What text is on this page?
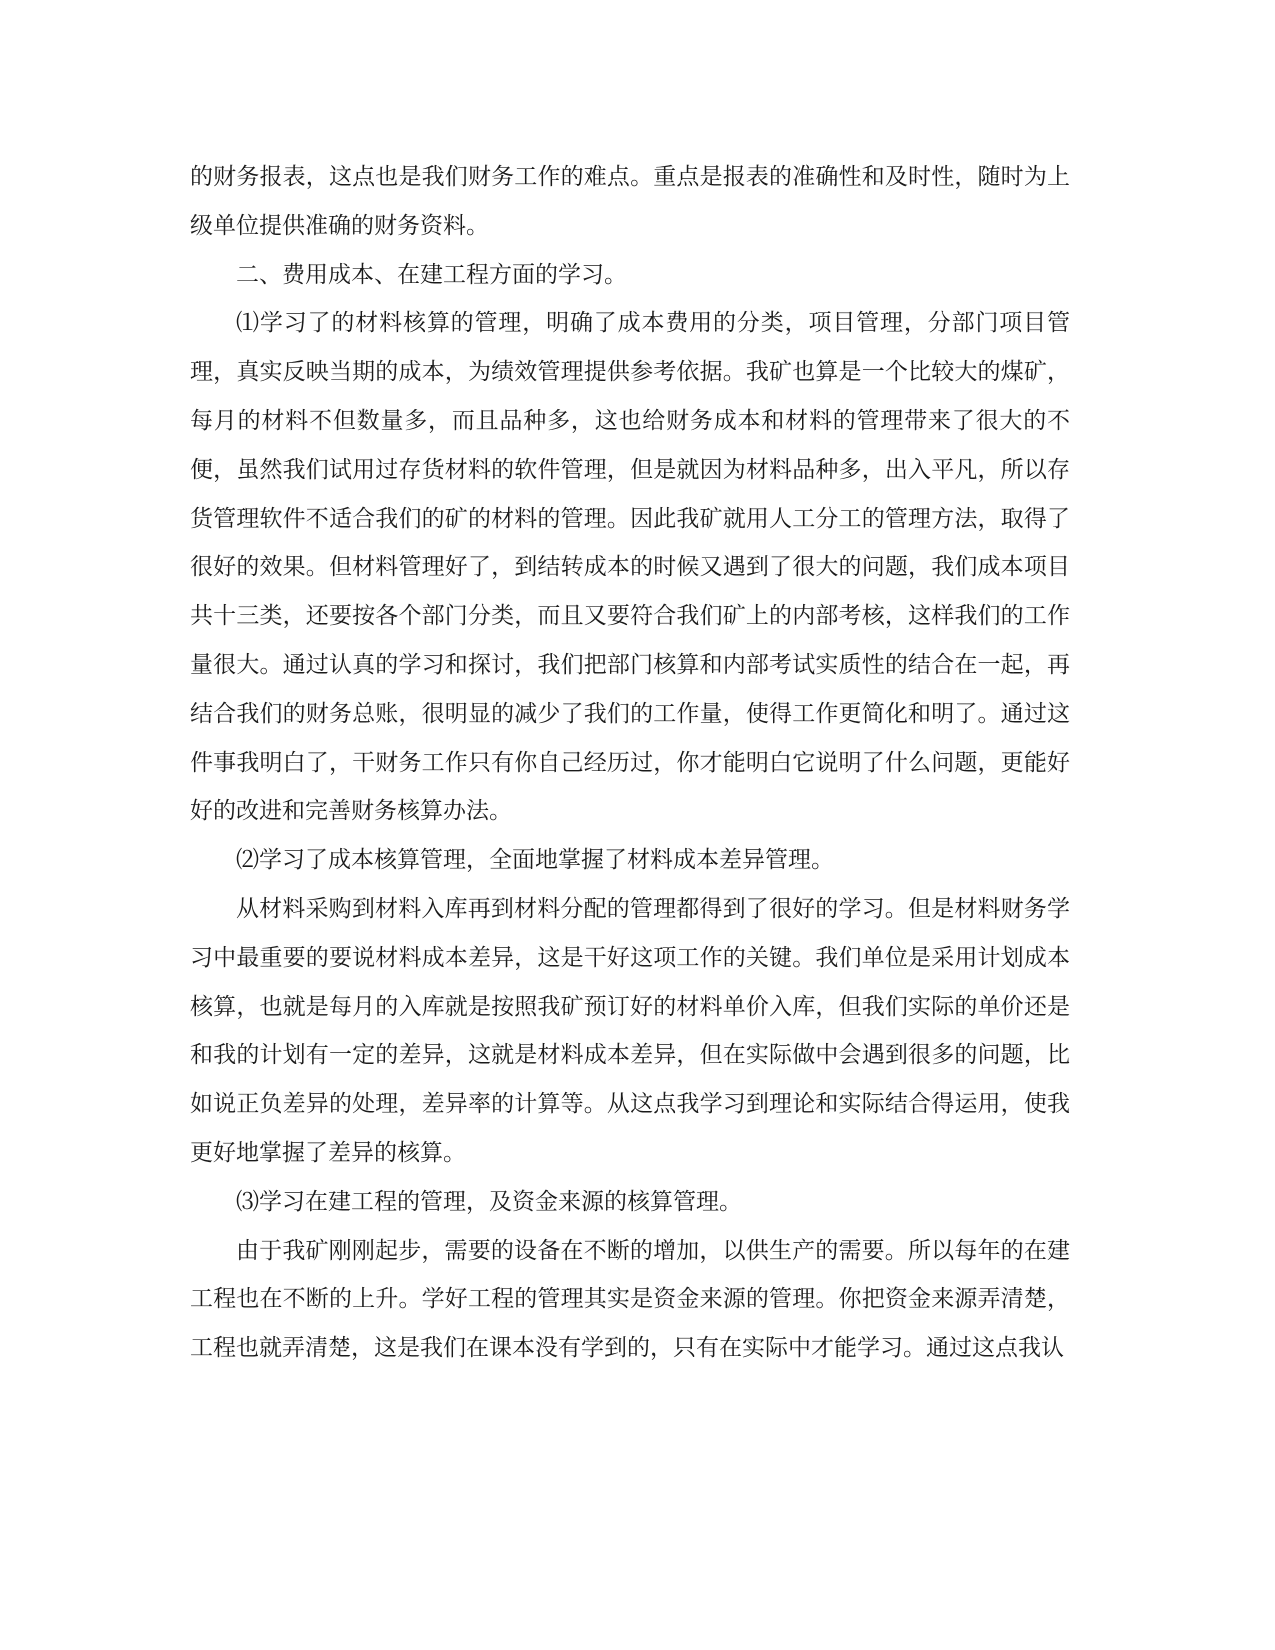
的财务报表，这点也是我们财务工作的难点。重点是报表的准确性和及时性，随时为上级单位提供准确的财务资料。

二、费用成本、在建工程方面的学习。

⑴学习了的材料核算的管理，明确了成本费用的分类，项目管理，分部门项目管理，真实反映当期的成本，为绩效管理提供参考依据。我矿也算是一个比较大的煤矿，每月的材料不但数量多，而且品种多，这也给财务成本和材料的管理带来了很大的不便，虽然我们试用过存货材料的软件管理，但是就因为材料品种多，出入平凡，所以存货管理软件不适合我们的矿的材料的管理。因此我矿就用人工分工的管理方法，取得了很好的效果。但材料管理好了，到结转成本的时候又遇到了很大的问题，我们成本项目共十三类，还要按各个部门分类，而且又要符合我们矿上的内部考核，这样我们的工作量很大。通过认真的学习和探讨，我们把部门核算和内部考试实质性的结合在一起，再结合我们的财务总账，很明显的减少了我们的工作量，使得工作更简化和明了。通过这件事我明白了，干财务工作只有你自己经历过，你才能明白它说明了什么问题，更能好好的改进和完善财务核算办法。

⑵学习了成本核算管理，全面地掌握了材料成本差异管理。

从材料采购到材料入库再到材料分配的管理都得到了很好的学习。但是材料财务学习中最重要的要说材料成本差异，这是干好这项工作的关键。我们单位是采用计划成本核算，也就是每月的入库就是按照我矿预订好的材料单价入库，但我们实际的单价还是和我的计划有一定的差异，这就是材料成本差异，但在实际做中会遇到很多的问题，比如说正负差异的处理，差异率的计算等。从这点我学习到理论和实际结合得运用，使我更好地掌握了差异的核算。

⑶学习在建工程的管理，及资金来源的核算管理。

由于我矿刚刚起步，需要的设备在不断的增加，以供生产的需要。所以每年的在建工程也在不断的上升。学好工程的管理其实是资金来源的管理。你把资金来源弄清楚，工程也就弄清楚，这是我们在课本没有学到的，只有在实际中才能学习。通过这点我认
